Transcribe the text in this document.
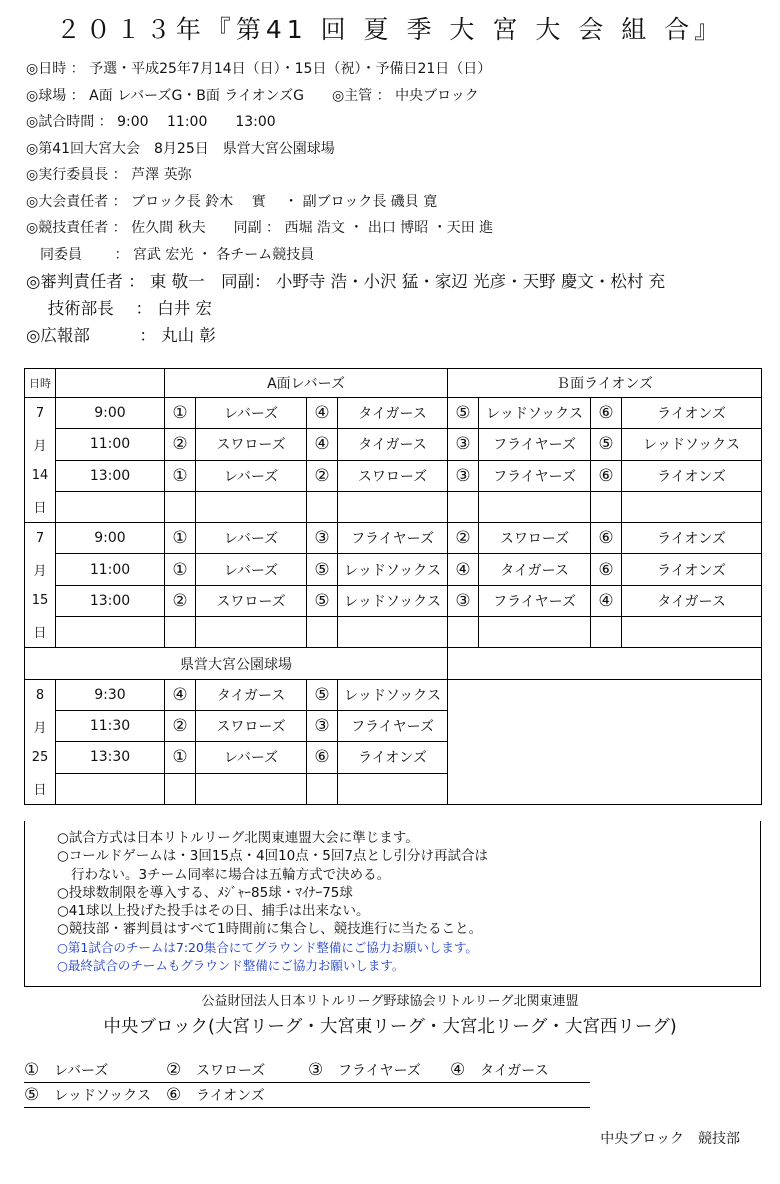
２０１３年『第41 回 夏 季 大 宮 大 会 組 合』
◎日時 ： 予選・平成25年7月14日（日）・15日（祝）・予備日21日（日）
◎球場 ： A面 レバーズG・B面 ライオンズG　　◎主管 ： 中央ブロック
◎試合時間 ： 9:00　 11:00　　13:00
◎第41回大宮大会　8月25日　県営大宮公園球場
◎実行委員長 ： 芦澤 英弥
◎大会責任者 ： ブロック長 鈴木　 實　 ・ 副ブロック長 磯貝 寛
◎競技責任者 ： 佐久間 秋夫　　同副 ： 西堀 浩文 ・ 出口 博昭 ・天田 進
　同委員　　 ： 宮武 宏光 ・ 各チーム競技員
◎審判責任者 ： 東 敬一　同副： 小野寺 浩・小沢 猛・家辺 光彦・天野 慶文・松村 充
　 技術部長　 ： 白井 宏
◎広報部　　　： 丸山 彰
日時		A面レバーズ				Ｂ面ライオンズ			
7	9:00	①	レバーズ	④	タイガース	⑤	レッドソックス	⑥	ライオンズ
月	11:00	②	スワローズ	④	タイガース	③	フライヤーズ	⑤	レッドソックス
14	13:00	①	レバーズ	②	スワローズ	③	フライヤーズ	⑥	ライオンズ
日									
7	9:00	①	レバーズ	③	フライヤーズ	②	スワローズ	⑥	ライオンズ
月	11:00	①	レバーズ	⑤	レッドソックス	④	タイガース	⑥	ライオンズ
15	13:00	②	スワローズ	⑤	レッドソックス	③	フライヤーズ	④	タイガース
日									
県営大宮公園球場									
8	9:30	④	タイガース	⑤	レッドソックス				
月	11:30	②	スワローズ	③	フライヤーズ				
25	13:30	①	レバーズ	⑥	ライオンズ				
日									
○試合方式は日本リトルリーグ北関東連盟大会に準じます。
○コールドゲームは・3回15点・4回10点・5回7点とし引分け再試合は
行わない。3チーム同率に場合は五輪方式で決める。
○投球数制限を導入する、ﾒｼﾞｬｰ85球・ﾏｲﾅｰ75球
○41球以上投げた投手はその日、捕手は出来ない。
○競技部・審判員はすべて1時間前に集合し、競技進行に当たること。
○第1試合のチームは7:20集合にてグラウンド整備にご協力お願いします。
○最終試合のチームもグラウンド整備にご協力お願いします。
公益財団法人日本リトルリーグ野球協会リトルリーグ北関東連盟
中央ブロック(大宮リーグ・大宮東リーグ・大宮北リーグ・大宮西リーグ)
①	レバーズ	②	スワローズ	③	フライヤーズ	④	タイガース
⑤	レッドソックス ⑥	ライオンズ
中央ブロック　競技部
